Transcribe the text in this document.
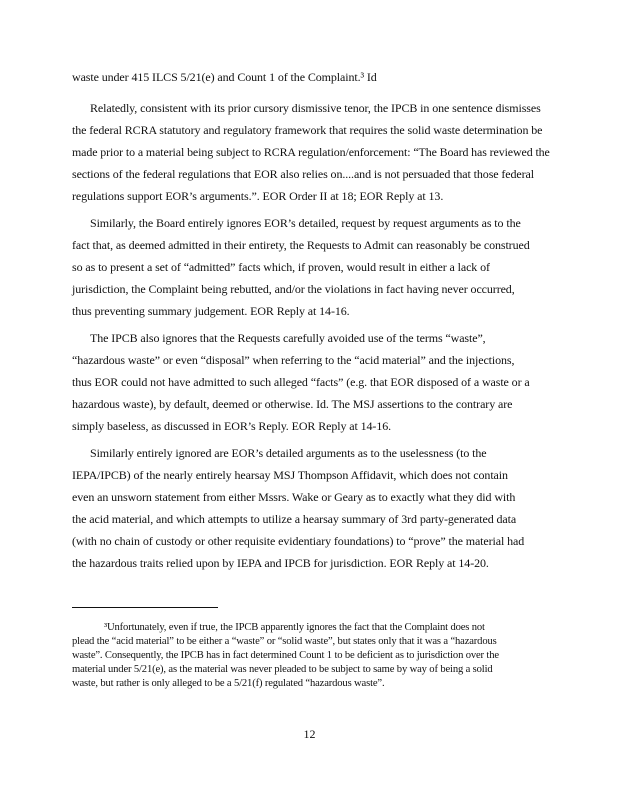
waste under 415 ILCS 5/21(e) and Count 1 of the Complaint.³ Id
Relatedly, consistent with its prior cursory dismissive tenor, the IPCB in one sentence dismisses
the federal RCRA statutory and regulatory framework that requires the solid waste determination be
made prior to a material being subject to RCRA regulation/enforcement: “The Board has reviewed the
sections of the federal regulations that EOR also relies on....and is not persuaded that those federal
regulations support EOR’s arguments.”. EOR Order II at 18; EOR Reply at 13.
Similarly, the Board entirely ignores EOR’s detailed, request by request arguments as to the
fact that, as deemed admitted in their entirety, the Requests to Admit can reasonably be construed
so as to present a set of “admitted” facts which, if proven, would result in either a lack of
jurisdiction, the Complaint being rebutted, and/or the violations in fact having never occurred,
thus preventing summary judgement. EOR Reply at 14-16.
The IPCB also ignores that the Requests carefully avoided use of the terms “waste”,
“hazardous waste” or even “disposal” when referring to the “acid material” and the injections,
thus EOR could not have admitted to such alleged “facts” (e.g. that EOR disposed of a waste or a
hazardous waste), by default, deemed or otherwise. Id. The MSJ assertions to the contrary are
simply baseless, as discussed in EOR’s Reply. EOR Reply at 14-16.
Similarly entirely ignored are EOR’s detailed arguments as to the uselessness (to the
IEPA/IPCB) of the nearly entirely hearsay MSJ Thompson Affidavit, which does not contain
even an unsworn statement from either Mssrs. Wake or Geary as to exactly what they did with
the acid material, and which attempts to utilize a hearsay summary of 3rd party-generated data
(with no chain of custody or other requisite evidentiary foundations) to “prove” the material had
the hazardous traits relied upon by IEPA and IPCB for jurisdiction. EOR Reply at 14-20.
³Unfortunately, even if true, the IPCB apparently ignores the fact that the Complaint does not
plead the “acid material” to be either a “waste” or “solid waste”, but states only that it was a “hazardous
waste”. Consequently, the IPCB has in fact determined Count 1 to be deficient as to jurisdiction over the
material under 5/21(e), as the material was never pleaded to be subject to same by way of being a solid
waste, but rather is only alleged to be a 5/21(f) regulated “hazardous waste”.
12
